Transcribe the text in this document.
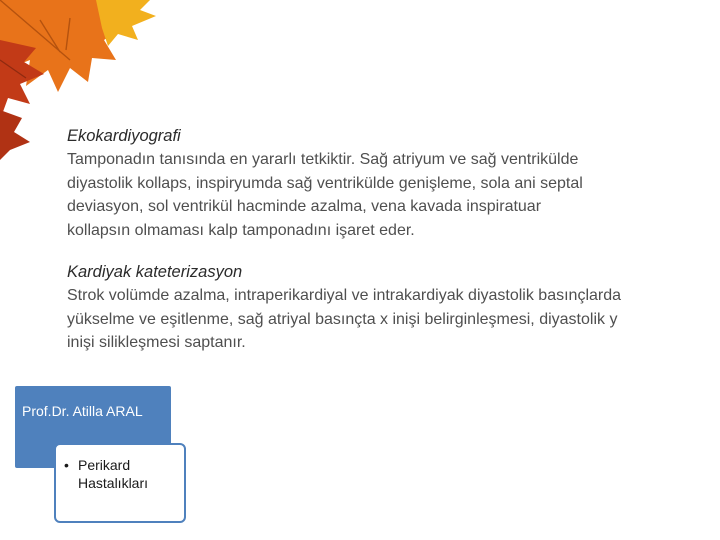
Ekokardiyografi

Tamponadın tanısında en yararlı tetkiktir. Sağ atriyum ve sağ ventrikülde diyastolik kollaps, inspiryumda sağ ventrikülde genişleme, sola ani septal deviasyon, sol ventrikül hacminde azalma, vena kavada inspiratuar kollapsın olmaması kalp tamponadını işaret eder.

Kardiyak kateterizasyon

Strok volümde azalma, intraperikardiyal ve intrakardiyak diyastolik basınçlarda yükselme ve eşitlenme, sağ atriyal basınçta x inişi belirginleşmesi, diyastolik y inişi silikleşmesi saptanır.

Prof.Dr. Atilla ARAL
• Perikard Hastalıkları
